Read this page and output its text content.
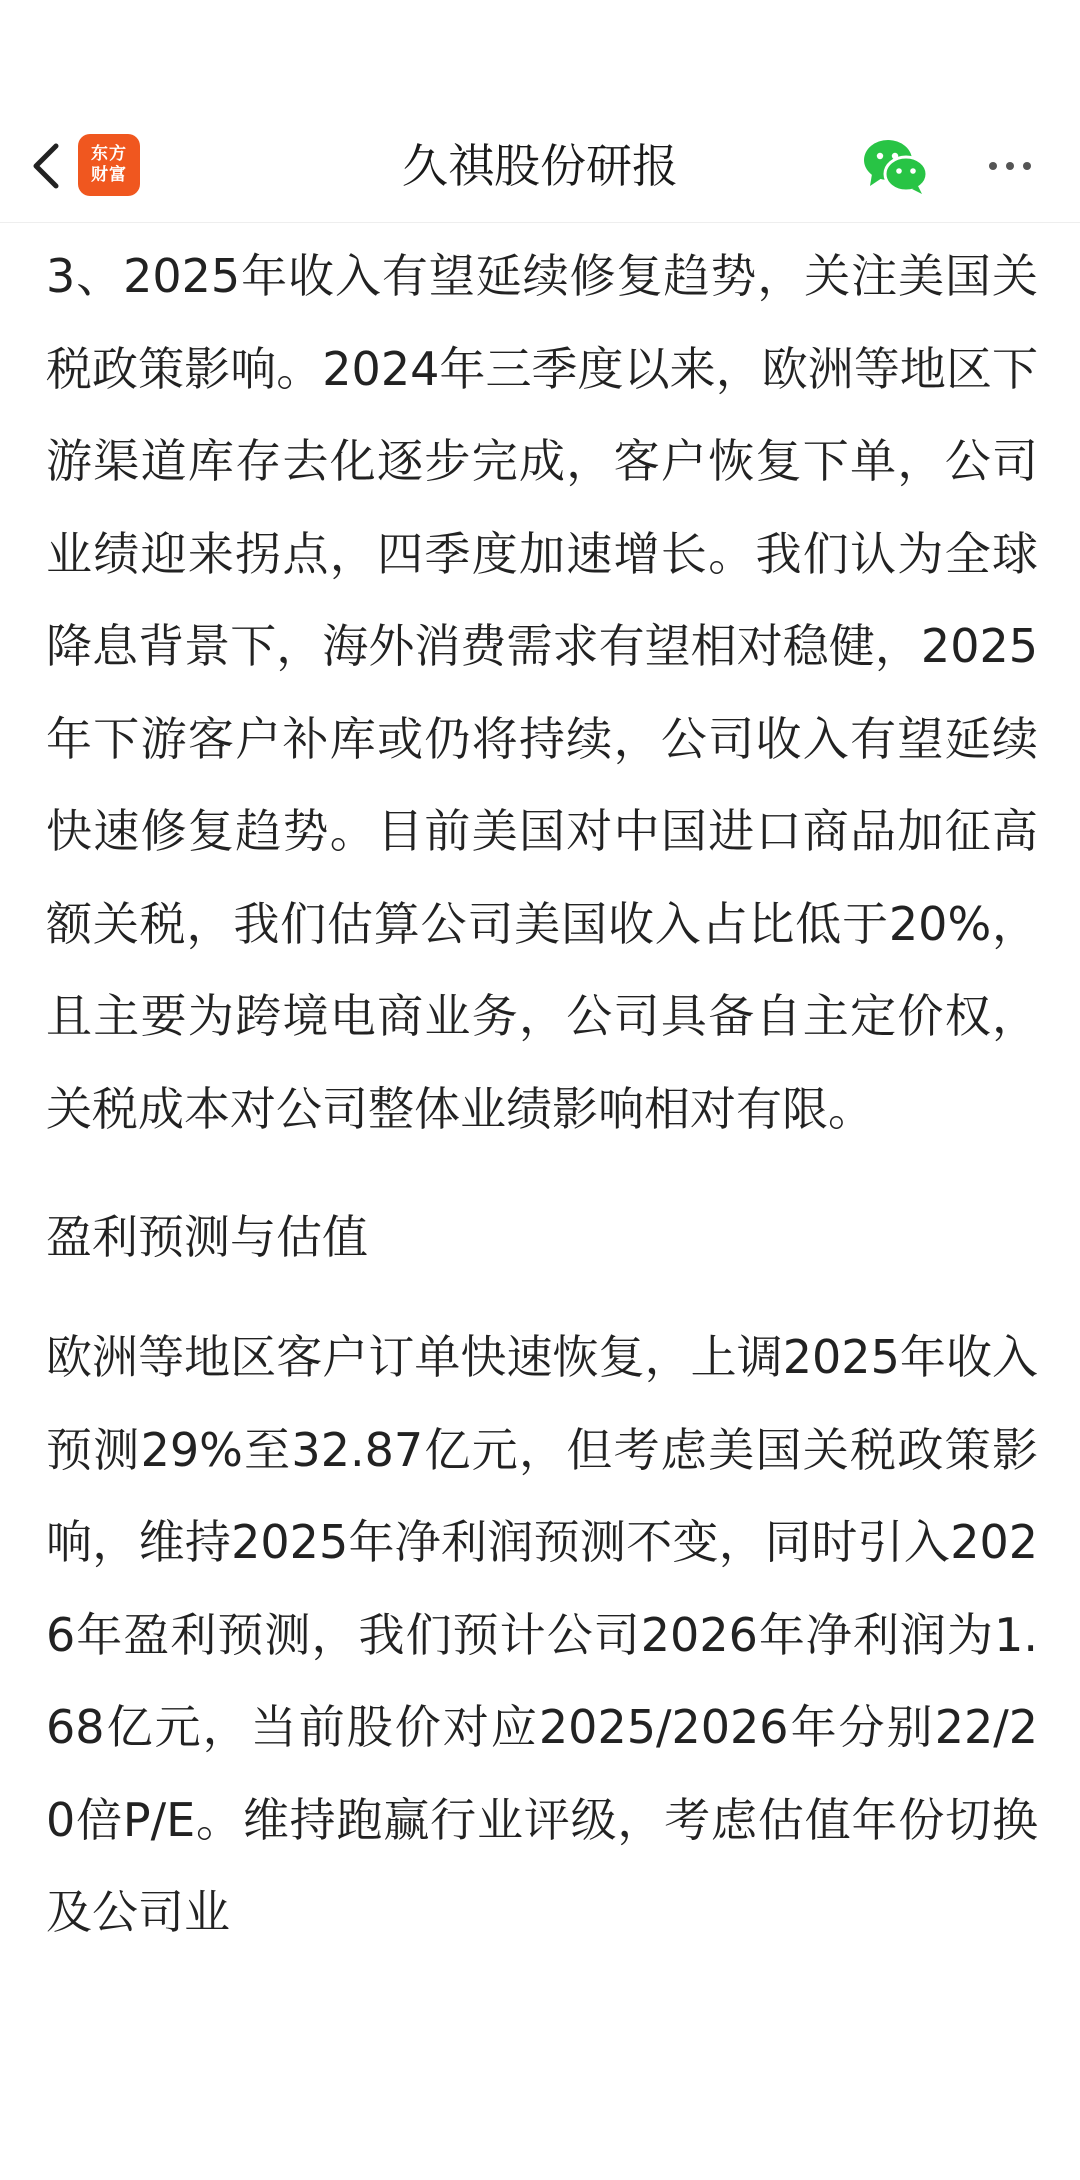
东方
财富	久祺股份研报

3、2025年收入有望延续修复趋势，关注美国关税政策影响。2024年三季度以来，欧洲等地区下游渠道库存去化逐步完成，客户恢复下单，公司业绩迎来拐点，四季度加速增长。我们认为全球降息背景下，海外消费需求有望相对稳健，2025年下游客户补库或仍将持续，公司收入有望延续快速修复趋势。目前美国对中国进口商品加征高额关税，我们估算公司美国收入占比低于20%，且主要为跨境电商业务，公司具备自主定价权，关税成本对公司整体业绩影响相对有限。

盈利预测与估值

欧洲等地区客户订单快速恢复，上调2025年收入预测29%至32.87亿元，但考虑美国关税政策影响，维持2025年净利润预测不变，同时引入2026年盈利预测，我们预计公司2026年净利润为1.68亿元，当前股价对应2025/2026年分别22/20倍P/E。维持跑赢行业评级，考虑估值年份切换及公司业
